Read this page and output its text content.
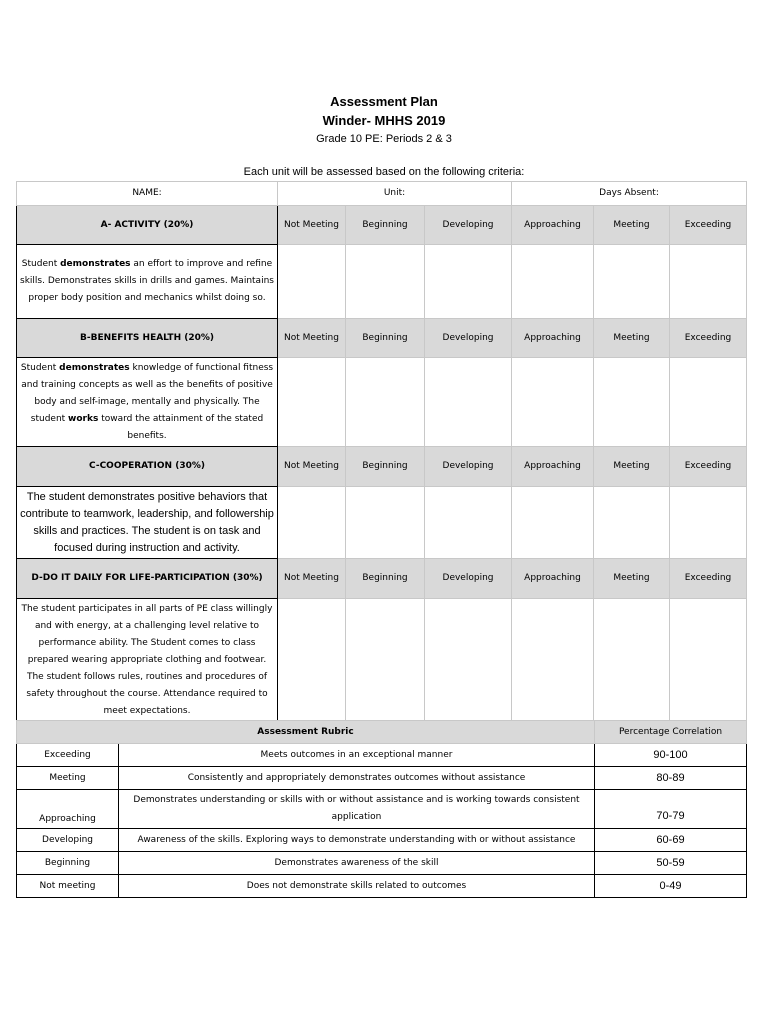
Assessment Plan
Winder- MHHS 2019
Grade 10 PE: Periods 2 & 3
Each unit will be assessed based on the following criteria:
NAME:	Unit:			Days Absent:		
A- ACTIVITY (20%)	Not Meeting	Beginning	Developing	Approaching	Meeting	Exceeding
Student demonstrates an effort to improve and refine skills. Demonstrates skills in drills and games. Maintains proper body position and mechanics whilst doing so.						
B-BENEFITS HEALTH (20%)	Not Meeting	Beginning	Developing	Approaching	Meeting	Exceeding
Student demonstrates knowledge of functional fitness and training concepts as well as the benefits of positive body and self-image, mentally and physically. The student works toward the attainment of the stated benefits.						
C-COOPERATION (30%)	Not Meeting	Beginning	Developing	Approaching	Meeting	Exceeding
The student demonstrates positive behaviors that contribute to teamwork, leadership, and followership skills and practices. The student is on task and focused during instruction and activity.						
D-DO IT DAILY FOR LIFE-PARTICIPATION (30%)	Not Meeting	Beginning	Developing	Approaching	Meeting	Exceeding
The student participates in all parts of PE class willingly and with energy, at a challenging level relative to performance ability. The Student comes to class prepared wearing appropriate clothing and footwear. The student follows rules, routines and procedures of safety throughout the course. Attendance required to meet expectations.						
Assessment Rubric		Percentage Correlation
Exceeding	Meets outcomes in an exceptional manner	90-100
Meeting	Consistently and appropriately demonstrates outcomes without assistance	80-89
Approaching	Demonstrates understanding or skills with or without assistance and is working towards consistent application	70-79
Developing	Awareness of the skills. Exploring ways to demonstrate understanding with or without assistance	60-69
Beginning	Demonstrates awareness of the skill	50-59
Not meeting	Does not demonstrate skills related to outcomes	0-49
